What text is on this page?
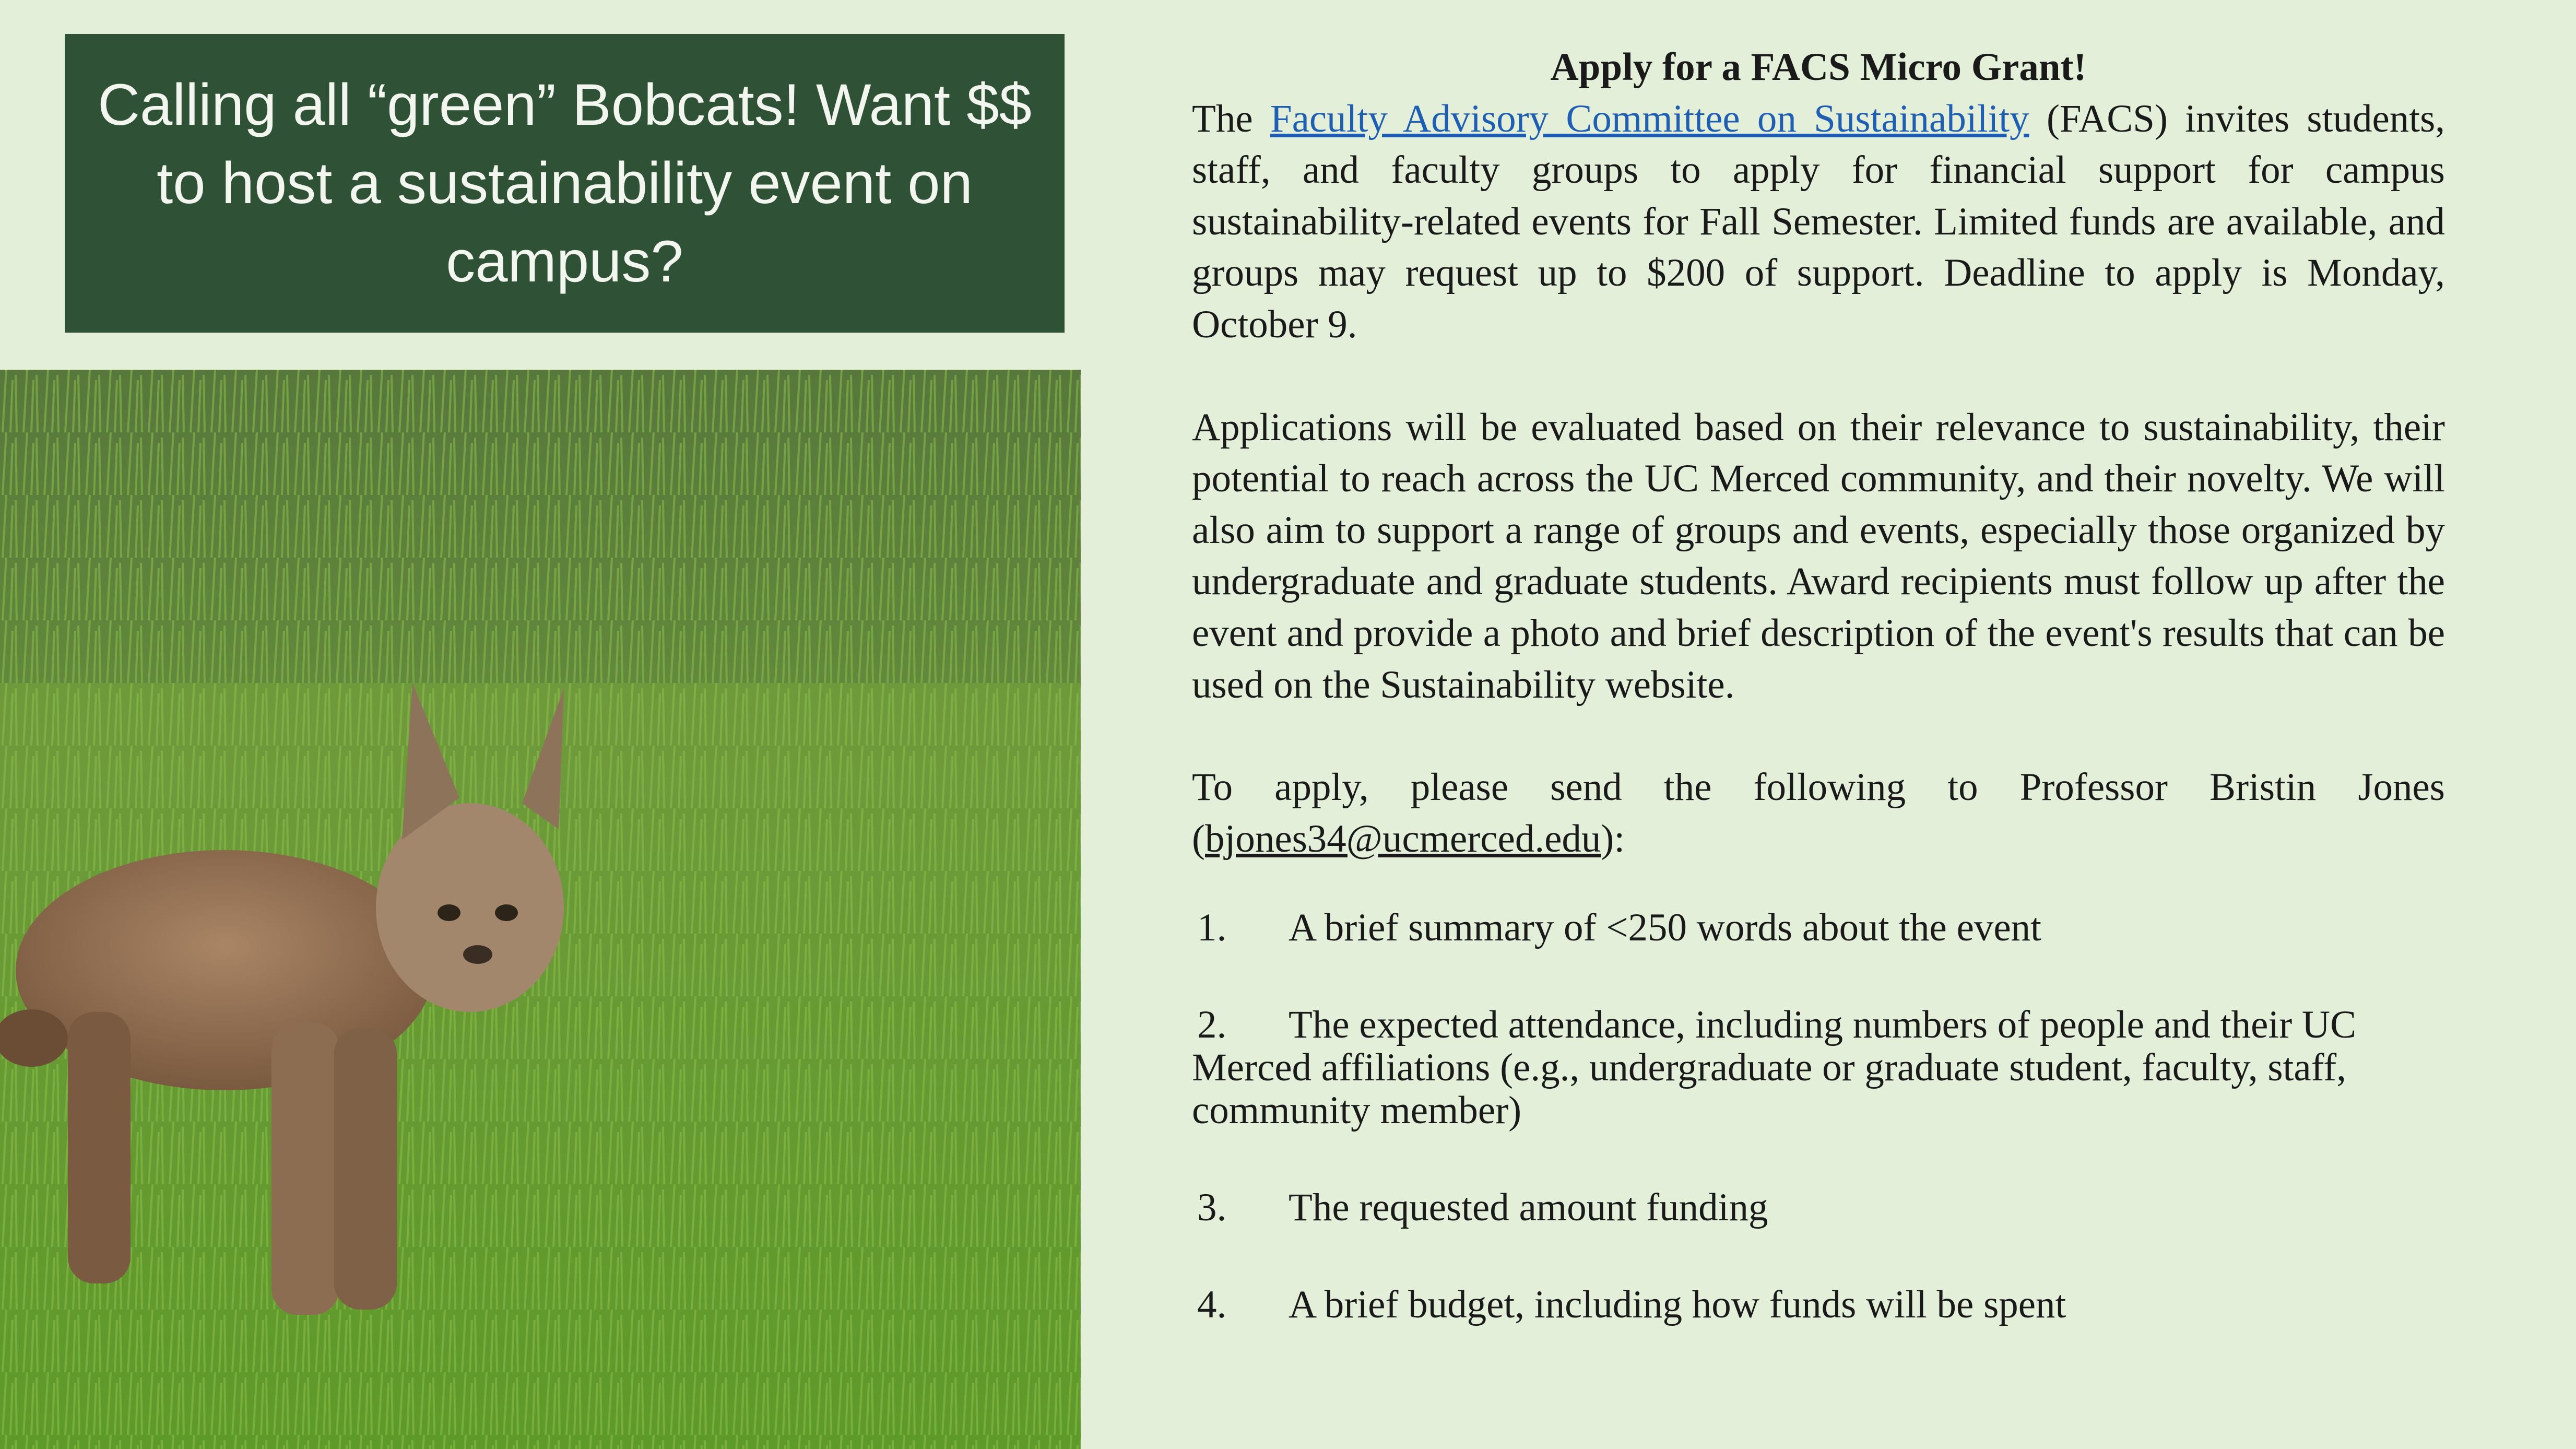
Calling all “green” Bobcats! Want $$ to host a sustainability event on campus?

Apply for a FACS Micro Grant!

The Faculty Advisory Committee on Sustainability (FACS) invites students, staff, and faculty groups to apply for financial support for campus sustainability-related events for Fall Semester. Limited funds are available, and groups may request up to $200 of support. Deadline to apply is Monday, October 9.

Applications will be evaluated based on their relevance to sustainability, their potential to reach across the UC Merced community, and their novelty. We will also aim to support a range of groups and events, especially those organized by undergraduate and graduate students. Award recipients must follow up after the event and provide a photo and brief description of the event's results that can be used on the Sustainability website.

To apply, please send the following to Professor Bristin Jones (bjones34@ucmerced.edu):

1.	A brief summary of <250 words about the event
2. The expected attendance, including numbers of people and their UC Merced affiliations (e.g., undergraduate or graduate student, faculty, staff, community member)
3.	The requested amount funding
4.	A brief budget, including how funds will be spent
